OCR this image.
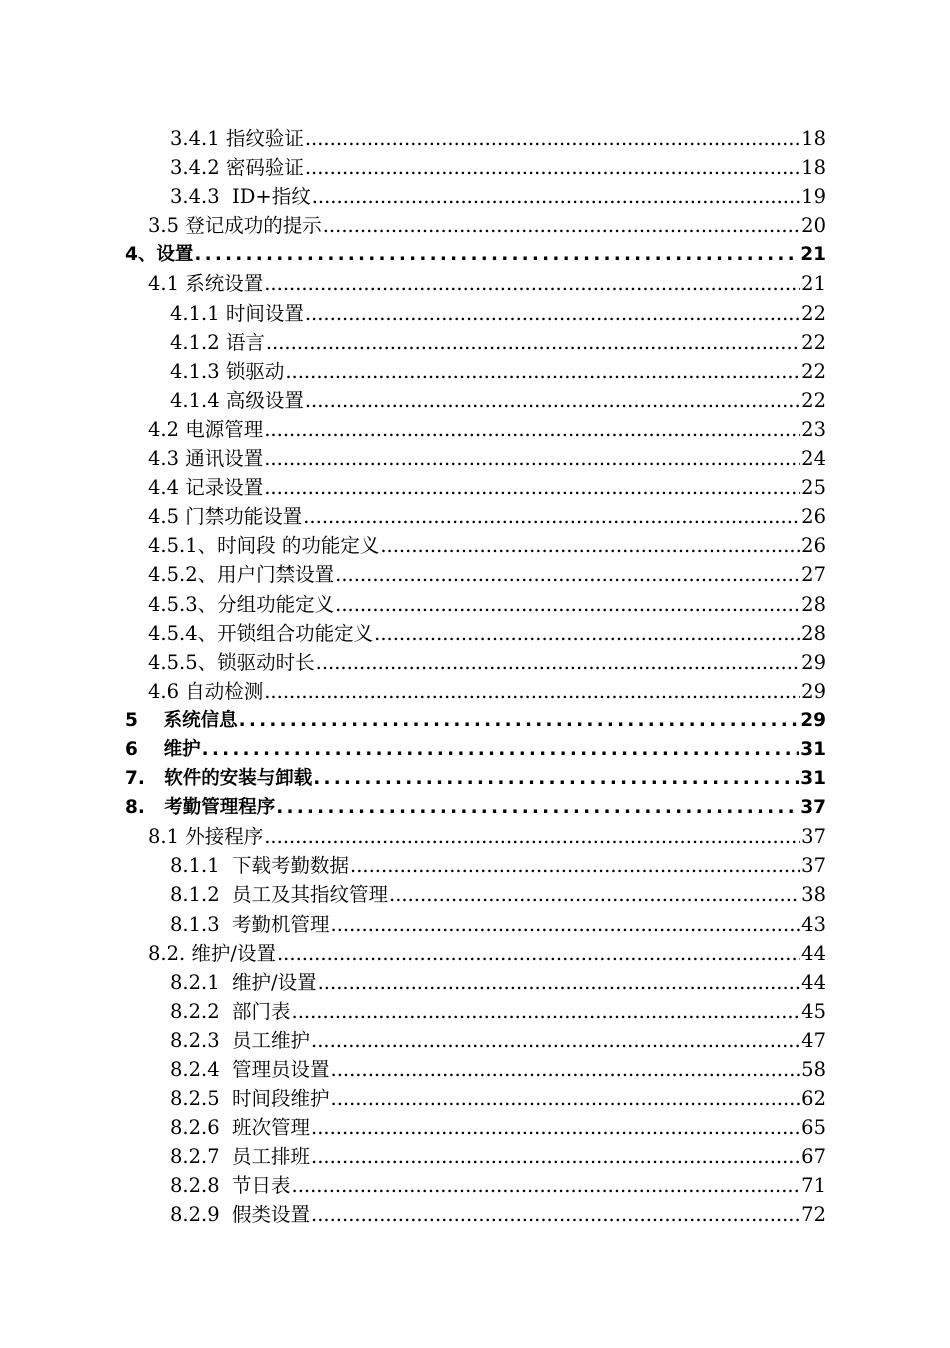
3.4.1 指纹验证 .....	18
3.4.2 密码验证 .....	18
3.4.3  ID+指纹 .....	19
3.5 登记成功的提示 .....	20
4、设置 .....	21
4.1 系统设置 .....	21
4.1.1 时间设置 .....	22
4.1.2 语言 .....	22
4.1.3 锁驱动 .....	22
4.1.4 高级设置 .....	22
4.2 电源管理 .....	23
4.3 通讯设置 .....	24
4.4 记录设置 .....	25
4.5 门禁功能设置 .....	26
4.5.1、时间段 的功能定义 .....	26
4.5.2、用户门禁设置 .....	27
4.5.3、分组功能定义 .....	28
4.5.4、开锁组合功能定义 .....	28
4.5.5、锁驱动时长 .....	29
4.6 自动检测 .....	29
5    系统信息 .....	29
6    维护 .....	31
7.   软件的安装与卸载 .....	31
8.   考勤管理程序 .....	37
8.1 外接程序 .....	37
8.1.1  下载考勤数据 .....	37
8.1.2  员工及其指纹管理 .....	38
8.1.3  考勤机管理 .....	43
8.2. 维护/设置 .....	44
8.2.1  维护/设置 .....	44
8.2.2  部门表 .....	45
8.2.3  员工维护 .....	47
8.2.4  管理员设置 .....	58
8.2.5  时间段维护 .....	62
8.2.6  班次管理 .....	65
8.2.7  员工排班 .....	67
8.2.8  节日表 .....	71
8.2.9  假类设置 .....	72
